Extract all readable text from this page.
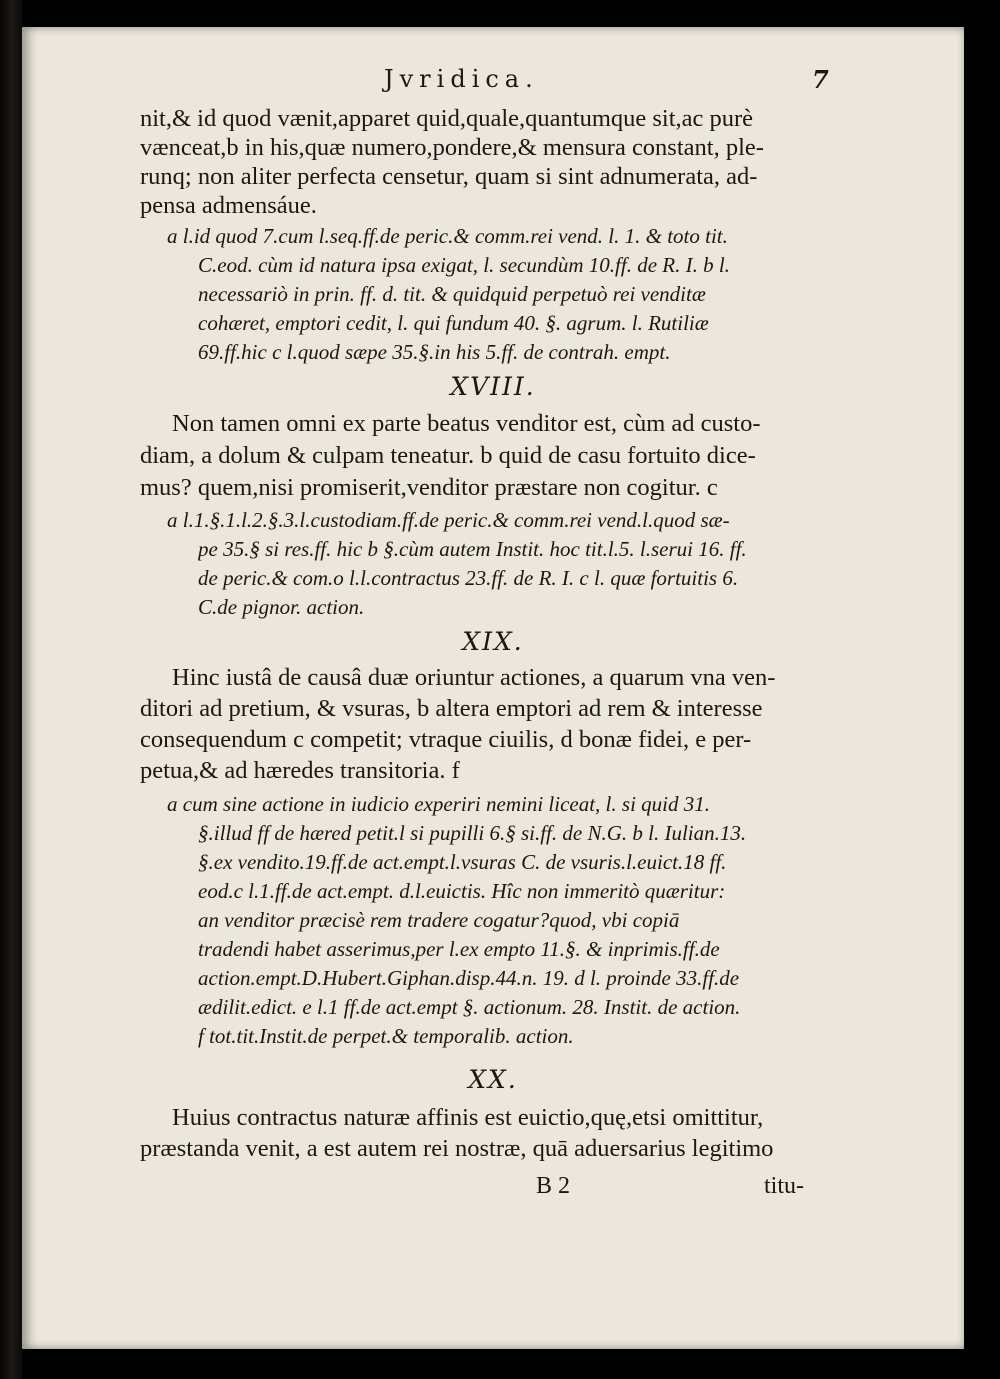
Jvridica.	7
nit,& id quod vænit,apparet quid,quale,quantumque sit,ac purè
vænceat,b in his,quæ numero,pondere,& mensura constant, ple-
runq; non aliter perfecta censetur, quam si sint adnumerata, ad-
pensa admensáue.
a l.id quod 7.cum l.seq.ff.de peric.& comm.rei vend. l. 1. & toto tit.
C.eod. cùm id natura ipsa exigat, l. secundùm 10.ff. de R. I. b l.
necessariò in prin. ff. d. tit. & quidquid perpetuò rei venditæ
cohæret, emptori cedit, l. qui fundum 40. §. agrum. l. Rutiliæ
69.ff.hic c l.quod sæpe 35.§.in his 5.ff. de contrah. empt.
XVIII.
Non tamen omni ex parte beatus venditor est, cùm ad custo-
diam, a dolum & culpam teneatur. b quid de casu fortuito dice-
mus? quem,nisi promiserit,venditor præstare non cogitur. c
a l.1.§.1.l.2.§.3.l.custodiam.ff.de peric.& comm.rei vend.l.quod sæ-
pe 35.§ si res.ff. hic b §.cùm autem Instit. hoc tit.l.5. l.serui 16. ff.
de peric.& com.o l.l.contractus 23.ff. de R. I. c l. quæ fortuitis 6.
C.de pignor. action.
XIX.
Hinc iustâ de causâ duæ oriuntur actiones, a quarum vna ven-
ditori ad pretium, & vsuras, b altera emptori ad rem & interesse
consequendum c competit; vtraque ciuilis, d bonæ fidei, e per-
petua,& ad hæredes transitoria. f
a cum sine actione in iudicio experiri nemini liceat, l. si quid 31.
§.illud ff de hæred petit.l si pupilli 6.§ si.ff. de N.G. b l. Iulian.13.
§.ex vendito.19.ff.de act.empt.l.vsuras C. de vsuris.l.euict.18 ff.
eod.c l.1.ff.de act.empt. d.l.euictis. Hîc non immeritò quæritur:
an venditor præcisè rem tradere cogatur?quod, vbi copiā
tradendi habet asserimus,per l.ex empto 11.§. & inprimis.ff.de
action.empt.D.Hubert.Giphan.disp.44.n. 19. d l. proinde 33.ff.de
ædilit.edict. e l.1 ff.de act.empt §. actionum. 28. Instit. de action.
f tot.tit.Instit.de perpet.& temporalib. action.
XX.
Huius contractus naturæ affinis est euictio,quę,etsi omittitur,
præstanda venit, a est autem rei nostræ, quā aduersarius legitimo
B 2	titu-
